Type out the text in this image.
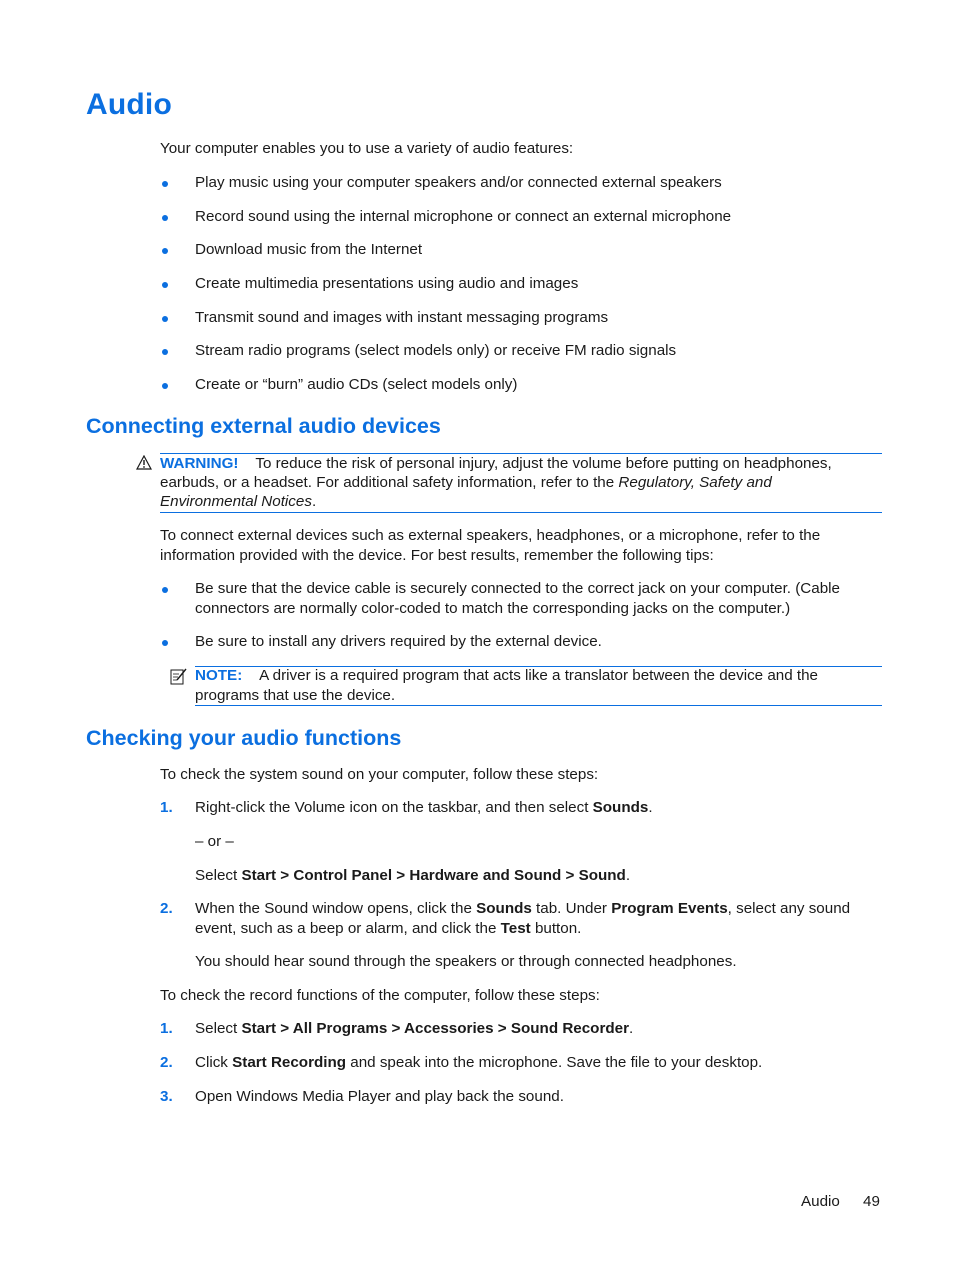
Audio

Your computer enables you to use a variety of audio features:

Play music using your computer speakers and/or connected external speakers
Record sound using the internal microphone or connect an external microphone
Download music from the Internet
Create multimedia presentations using audio and images
Transmit sound and images with instant messaging programs
Stream radio programs (select models only) or receive FM radio signals
Create or “burn” audio CDs (select models only)
Connecting external audio devices
WARNING! To reduce the risk of personal injury, adjust the volume before putting on headphones,
earbuds, or a headset. For additional safety information, refer to the Regulatory, Safety and
Environmental Notices.

To connect external devices such as external speakers, headphones, or a microphone, refer to the information provided with the device. For best results, remember the following tips:

Be sure that the device cable is securely connected to the correct jack on your computer. (Cable connectors are normally color-coded to match the corresponding jacks on the computer.)
Be sure to install any drivers required by the external device.
NOTE: A driver is a required program that acts like a translator between the device and the
programs that use the device.
Checking your audio functions

To check the system sound on your computer, follow these steps:

1. Right-click the Volume icon on the taskbar, and then select Sounds.
– or –
Select Start > Control Panel > Hardware and Sound > Sound.
2. When the Sound window opens, click the Sounds tab. Under Program Events, select any sound
event, such as a beep or alarm, and click the Test button.
You should hear sound through the speakers or through connected headphones.

To check the record functions of the computer, follow these steps:

1. Select Start > All Programs > Accessories > Sound Recorder.
2. Click Start Recording and speak into the microphone. Save the file to your desktop.
3. Open Windows Media Player and play back the sound.
Audio 49
